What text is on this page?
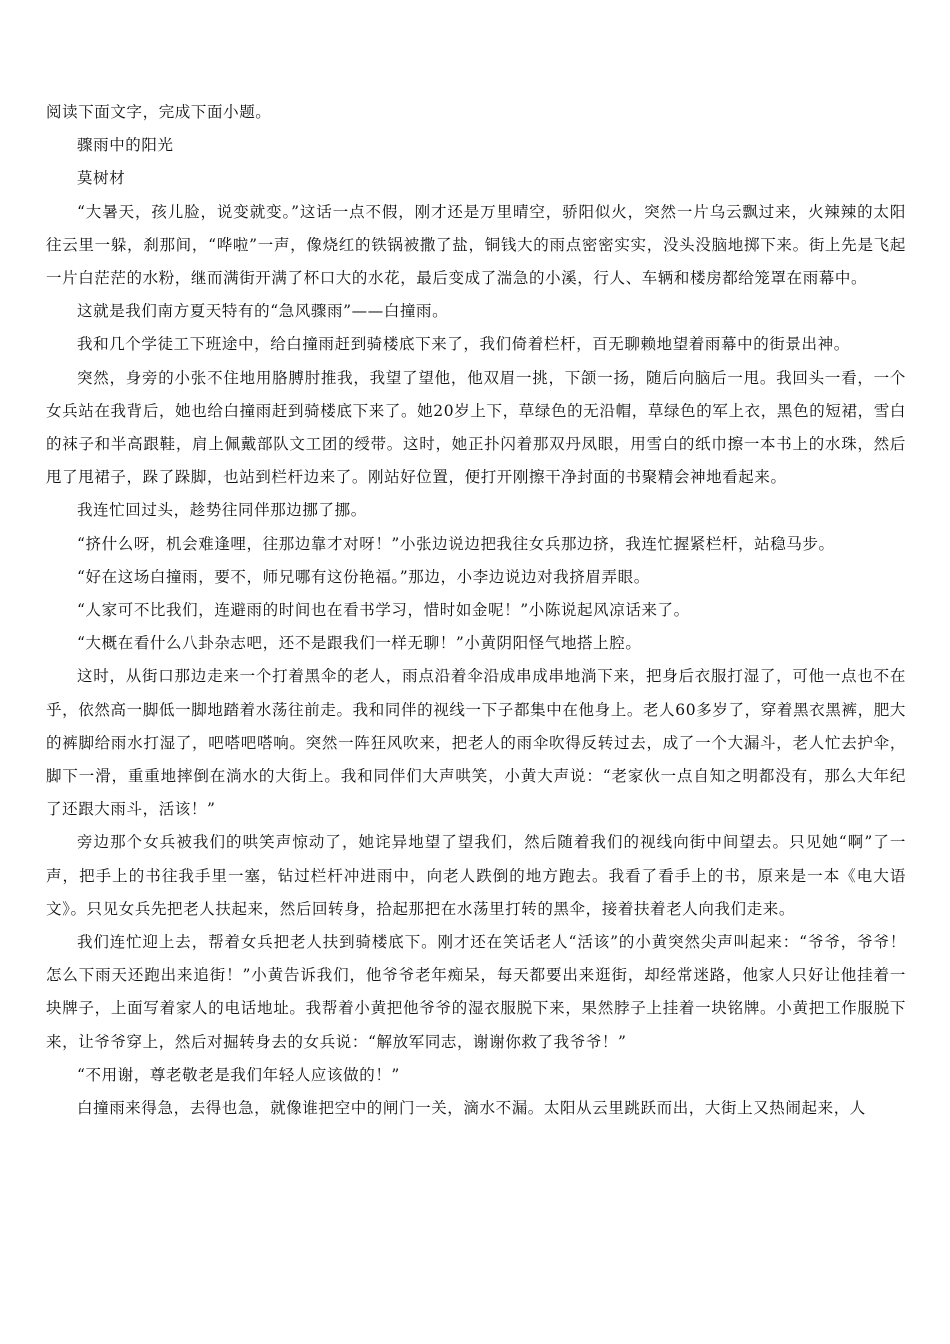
阅读下面文字，完成下面小题。

骤雨中的阳光

莫树材

“大暑天，孩儿脸，说变就变。”这话一点不假，刚才还是万里晴空，骄阳似火，突然一片乌云飘过来，火辣辣的太阳往云里一躲，刹那间，“哗啦”一声，像烧红的铁锅被撒了盐，铜钱大的雨点密密实实，没头没脑地掷下来。街上先是飞起一片白茫茫的水粉，继而满街开满了杯口大的水花，最后变成了湍急的小溪，行人、车辆和楼房都给笼罩在雨幕中。

这就是我们南方夏天特有的“急风骤雨”——白撞雨。

我和几个学徒工下班途中，给白撞雨赶到骑楼底下来了，我们倚着栏杆，百无聊赖地望着雨幕中的街景出神。

突然，身旁的小张不住地用胳膊肘推我，我望了望他，他双眉一挑，下颌一扬，随后向脑后一甩。我回头一看，一个女兵站在我背后，她也给白撞雨赶到骑楼底下来了。她20岁上下，草绿色的无沿帽，草绿色的军上衣，黑色的短裙，雪白的袜子和半高跟鞋，肩上佩戴部队文工团的绶带。这时，她正扑闪着那双丹凤眼，用雪白的纸巾擦一本书上的水珠，然后甩了甩裙子，跺了跺脚，也站到栏杆边来了。刚站好位置，便打开刚擦干净封面的书聚精会神地看起来。

我连忙回过头，趁势往同伴那边挪了挪。

“挤什么呀，机会难逢哩，往那边靠才对呀！”小张边说边把我往女兵那边挤，我连忙握紧栏杆，站稳马步。

“好在这场白撞雨，要不，师兄哪有这份艳福。”那边，小李边说边对我挤眉弄眼。

“人家可不比我们，连避雨的时间也在看书学习，惜时如金呢！”小陈说起风凉话来了。

“大概在看什么八卦杂志吧，还不是跟我们一样无聊！”小黄阴阳怪气地搭上腔。

这时，从街口那边走来一个打着黑伞的老人，雨点沿着伞沿成串成串地淌下来，把身后衣服打湿了，可他一点也不在乎，依然高一脚低一脚地踏着水荡往前走。我和同伴的视线一下子都集中在他身上。老人60多岁了，穿着黑衣黑裤，肥大的裤脚给雨水打湿了，吧嗒吧嗒响。突然一阵狂风吹来，把老人的雨伞吹得反转过去，成了一个大漏斗，老人忙去护伞，脚下一滑，重重地摔倒在淌水的大街上。我和同伴们大声哄笑，小黄大声说：“老家伙一点自知之明都没有，那么大年纪了还跟大雨斗，活该！”

旁边那个女兵被我们的哄笑声惊动了，她诧异地望了望我们，然后随着我们的视线向街中间望去。只见她“啊”了一声，把手上的书往我手里一塞，钻过栏杆冲进雨中，向老人跌倒的地方跑去。我看了看手上的书，原来是一本《电大语文》。只见女兵先把老人扶起来，然后回转身，拾起那把在水荡里打转的黑伞，接着扶着老人向我们走来。

我们连忙迎上去，帮着女兵把老人扶到骑楼底下。刚才还在笑话老人“活该”的小黄突然尖声叫起来：“爷爷，爷爷！怎么下雨天还跑出来追街！”小黄告诉我们，他爷爷老年痴呆，每天都要出来逛街，却经常迷路，他家人只好让他挂着一块牌子，上面写着家人的电话地址。我帮着小黄把他爷爷的湿衣服脱下来，果然脖子上挂着一块铭牌。小黄把工作服脱下来，让爷爷穿上，然后对掘转身去的女兵说：“解放军同志，谢谢你救了我爷爷！”

“不用谢，尊老敬老是我们年轻人应该做的！”

白撞雨来得急，去得也急，就像谁把空中的闸门一关，滴水不漏。太阳从云里跳跃而出，大街上又热闹起来，人
